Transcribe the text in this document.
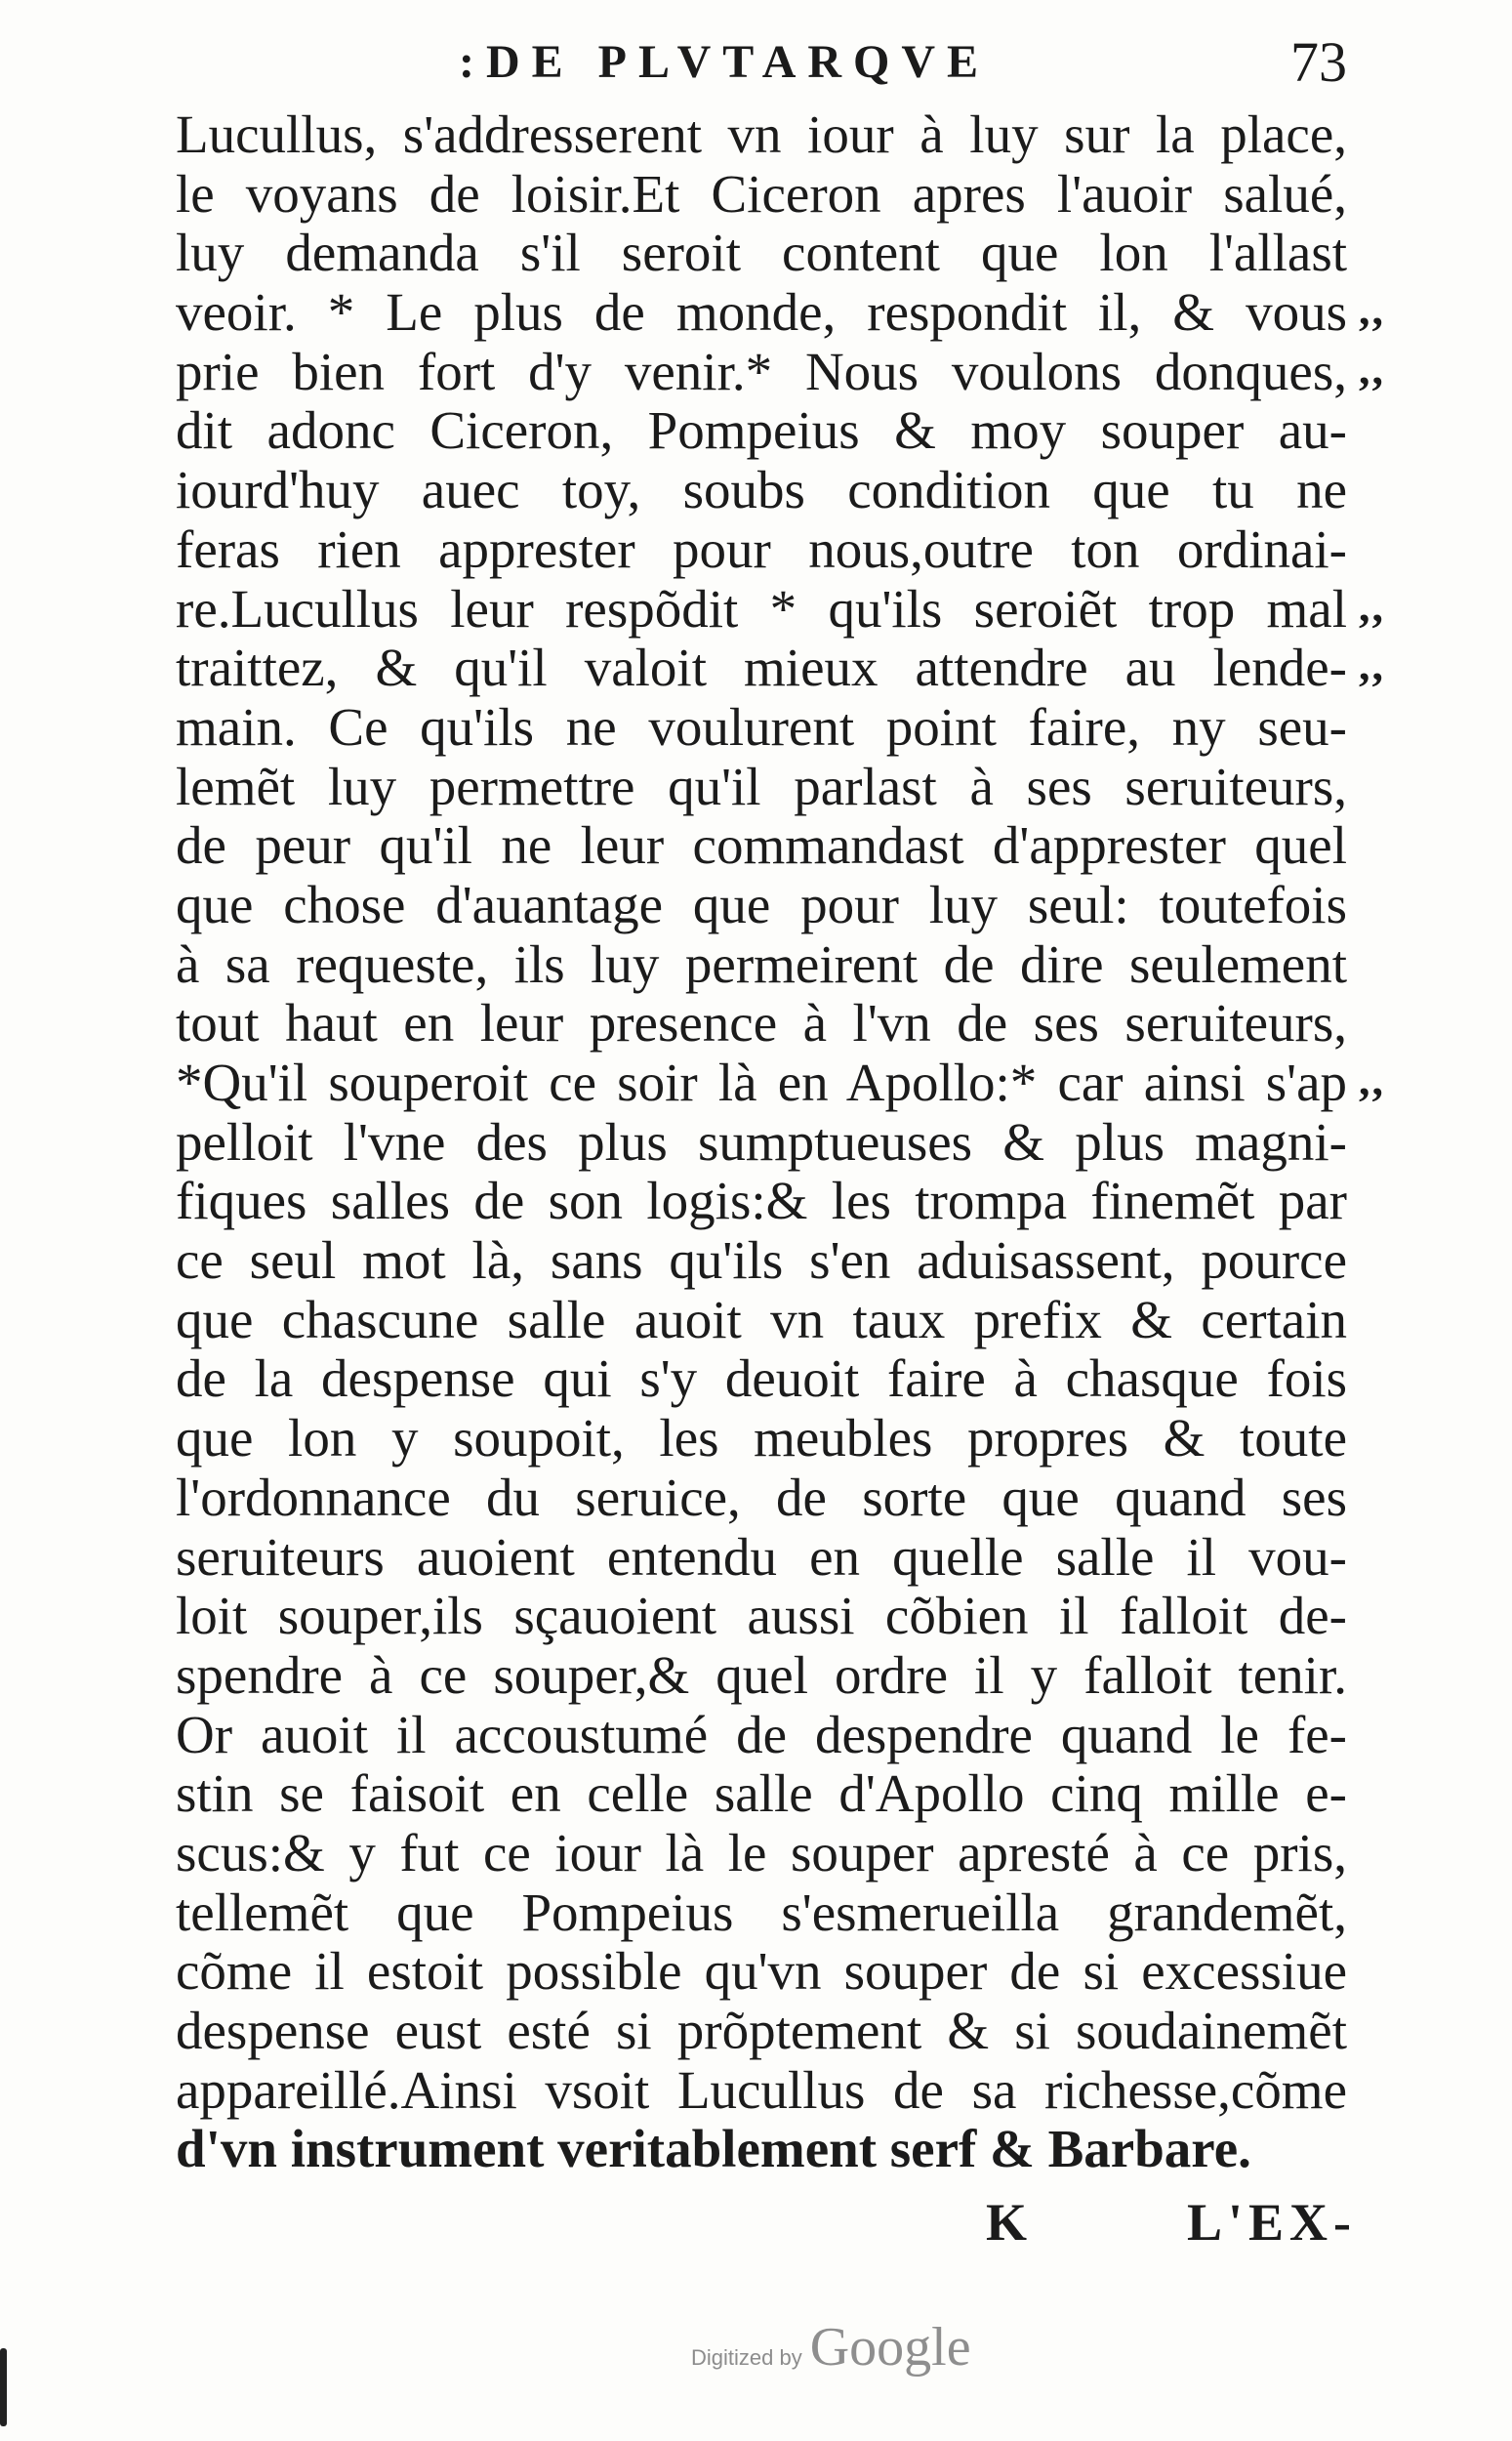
:DE PLVTARQVE	73
Lucullus, s'addresserent vn iour à luy sur la place,
le voyans de loisir.Et Ciceron apres l'auoir salué,
luy demanda s'il seroit content que lon l'allast
veoir. * Le plus de monde, respondit il, & vous
prie bien fort d'y venir.* Nous voulons donques,
dit adonc Ciceron, Pompeius & moy souper au-
iourd'huy auec toy, soubs condition que tu ne
feras rien apprester pour nous,outre ton ordinai-
re.Lucullus leur respõdit * qu'ils seroiẽt trop mal
traittez, & qu'il valoit mieux attendre au lende-
main. Ce qu'ils ne voulurent point faire, ny seu-
lemẽt luy permettre qu'il parlast à ses seruiteurs,
de peur qu'il ne leur commandast d'apprester quel
que chose d'auantage que pour luy seul: toutefois
à sa requeste, ils luy permeirent de dire seulement
tout haut en leur presence à l'vn de ses seruiteurs,
*Qu'il souperoit ce soir là en Apollo:* car ainsi s'ap
pelloit l'vne des plus sumptueuses & plus magni-
fiques salles de son logis:& les trompa finemẽt par
ce seul mot là, sans qu'ils s'en aduisassent, pource
que chascune salle auoit vn taux prefix & certain
de la despense qui s'y deuoit faire à chasque fois
que lon y soupoit, les meubles propres & toute
l'ordonnance du seruice, de sorte que quand ses
seruiteurs auoient entendu en quelle salle il vou-
loit souper,ils sçauoient aussi cõbien il falloit de-
spendre à ce souper,& quel ordre il y falloit tenir.
Or auoit il accoustumé de despendre quand le fe-
stin se faisoit en celle salle d'Apollo cinq mille e-
scus:& y fut ce iour là le souper apresté à ce pris,
tellemẽt que Pompeius s'esmerueilla grandemẽt,
cõme il estoit possible qu'vn souper de si excessiue
despense eust esté si prõptement & si soudainemẽt
appareillé.Ainsi vsoit Lucullus de sa richesse,cõme
d'vn instrument veritablement serf & Barbare.
,,
,,
,,
,,
,,
K	L'EX-
Digitized by Google
